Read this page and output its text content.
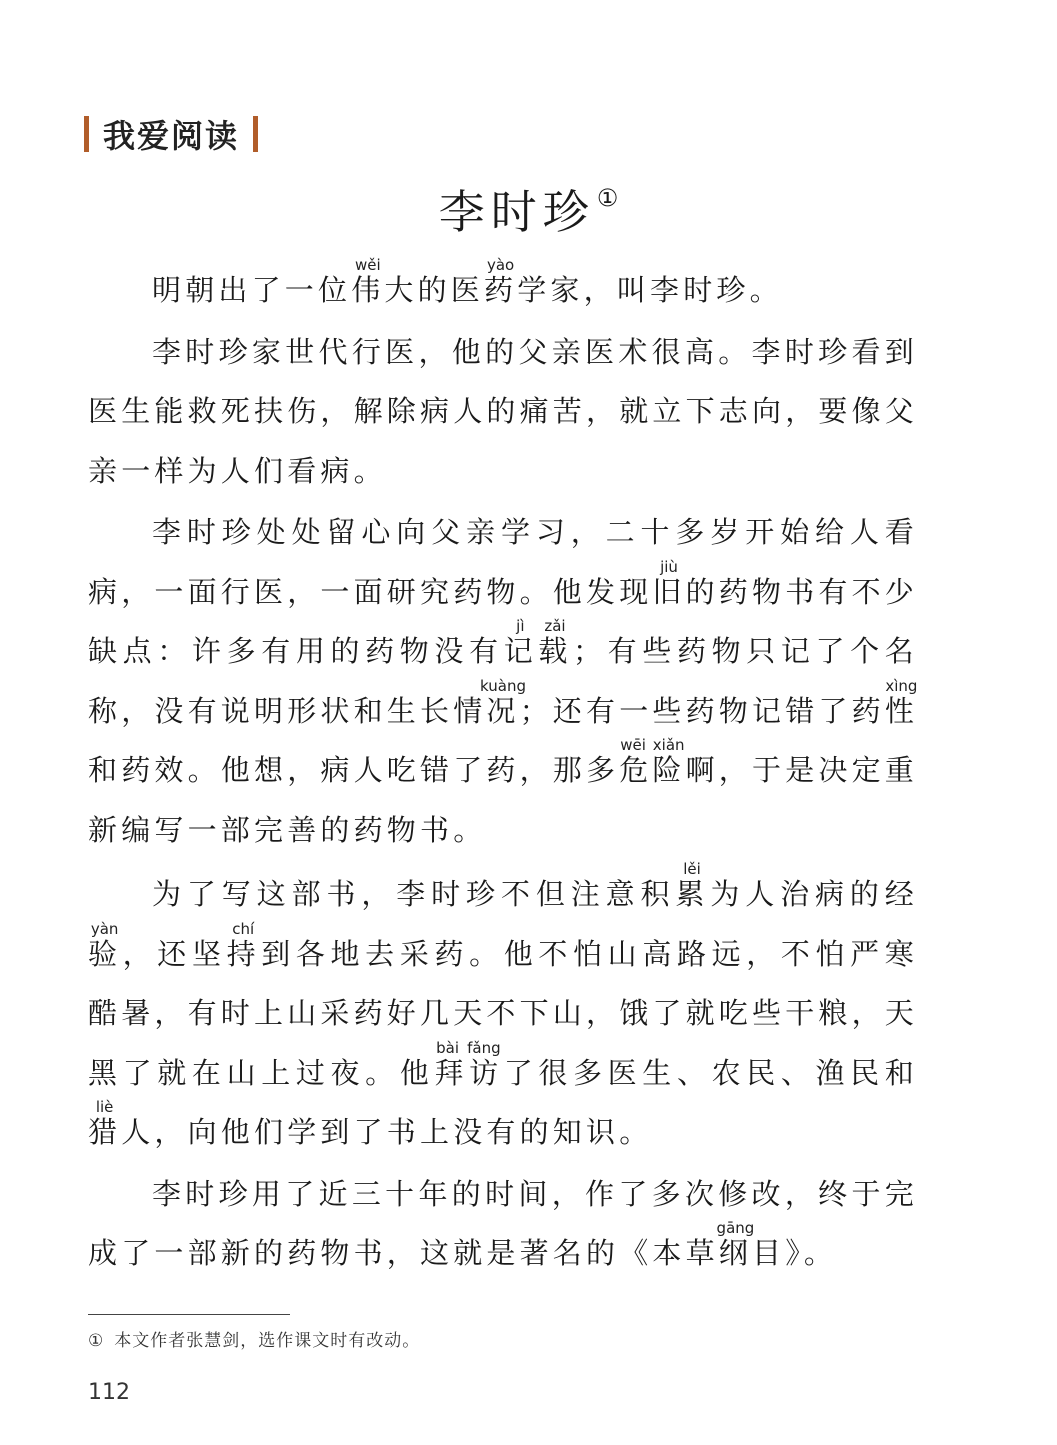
我爱阅读
李时珍①

明朝出了一位伟wěi大的医药yào学家，叫李时珍。

李时珍家世代行医，他的父亲医术很高。李时珍看到医生能救死扶伤，解除病人的痛苦，就立下志向，要像父亲一样为人们看病。

李时珍处处留心向父亲学习，二十多岁开始给人看病，一面行医，一面研究药物。他发现旧jiù的药物书有不少缺点：许多有用的药物没有记jì载zǎi；有些药物只记了个名称，没有说明形状和生长情况kuàng；还有一些药物记错了药性xìng和药效。他想，病人吃错了药，那多危险wēi xiǎn啊，于是决定重新编写一部完善的药物书。

为了写这部书，李时珍不但注意积累lěi为人治病的经验yàn，还坚持chí到各地去采药。他不怕山高路远，不怕严寒酷暑，有时上山采药好几天不下山，饿了就吃些干粮，天黑了就在山上过夜。他拜访bài fǎng了很多医生、农民、渔民和猎liè人，向他们学到了书上没有的知识。

李时珍用了近三十年的时间，作了多次修改，终于完成了一部新的药物书，这就是著名的《本草纲gāng目》。

① 本文作者张慧剑，选作课文时有改动。
112
